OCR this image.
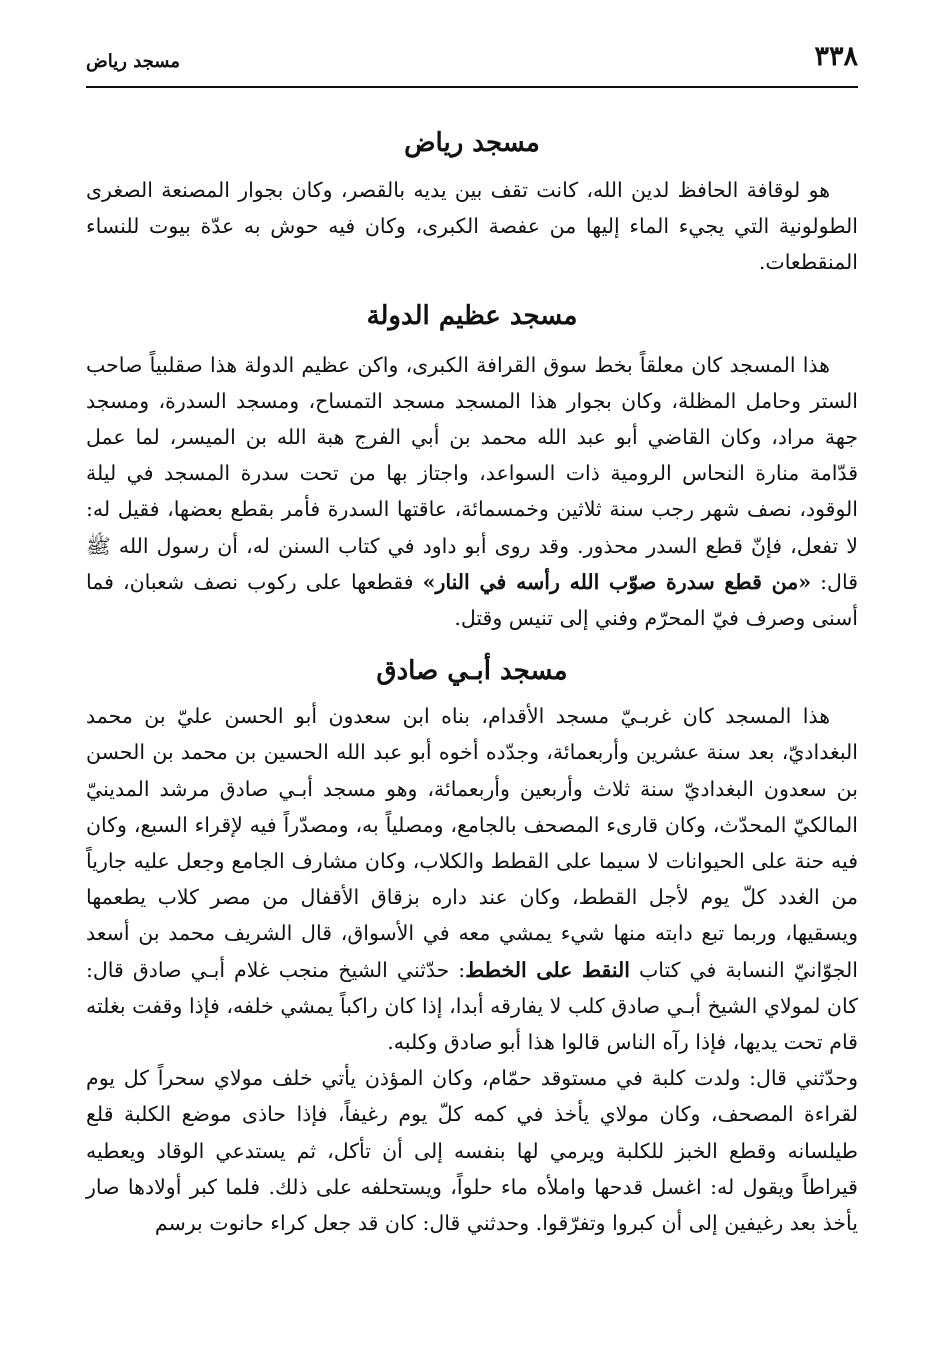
٣٣٨
مسجد رياض
مسجد رياض

هو لوقافة الحافظ لدين الله، كانت تقف بين يديه بالقصر، وكان بجوار المصنعة الصغرى الطولونية التي يجيء الماء إليها من عفصة الكبرى، وكان فيه حوش به عدّة بيوت للنساء المنقطعات.

مسجد عظيم الدولة

هذا المسجد كان معلقاً بخط سوق القرافة الكبرى، واكن عظيم الدولة هذا صقلبياً صاحب الستر وحامل المظلة، وكان بجوار هذا المسجد مسجد التمساح، ومسجد السدرة، ومسجد جهة مراد، وكان القاضي أبو عبد الله محمد بن أبي الفرج هبة الله بن الميسر، لما عمل قدّامة منارة النحاس الرومية ذات السواعد، واجتاز بها من تحت سدرة المسجد في ليلة الوقود، نصف شهر رجب سنة ثلاثين وخمسمائة، عاقتها السدرة فأمر بقطع بعضها، فقيل له: لا تفعل، فإنّ قطع السدر محذور. وقد روى أبو داود في كتاب السنن له، أن رسول الله ﷺ قال: «من قطع سدرة صوّب الله رأسه في النار» فقطعها على ركوب نصف شعبان، فما أسنى وصرف فيّ المحرّم وفني إلى تنيس وقتل.

مسجد أبـي صادق

هذا المسجد كان غربـيّ مسجد الأقدام، بناه ابن سعدون أبو الحسن عليّ بن محمد البغداديّ، بعد سنة عشرين وأربعمائة، وجدّده أخوه أبو عبد الله الحسين بن محمد بن الحسن بن سعدون البغداديّ سنة ثلاث وأربعين وأربعمائة، وهو مسجد أبـي صادق مرشد المدينيّ المالكيّ المحدّث، وكان قارىء المصحف بالجامع، ومصلياً به، ومصدّراً فيه لإقراء السبع، وكان فيه حنة على الحيوانات لا سيما على القطط والكلاب، وكان مشارف الجامع وجعل عليه جارياً من الغدد كلّ يوم لأجل القطط، وكان عند داره بزقاق الأقفال من مصر كلاب يطعمها ويسقيها، وربما تبع دابته منها شيء يمشي معه في الأسواق، قال الشريف محمد بن أسعد الجوّانيّ النسابة في كتاب النقط على الخطط: حدّثني الشيخ منجب غلام أبـي صادق قال: كان لمولاي الشيخ أبـي صادق كلب لا يفارقه أبدا، إذا كان راكباً يمشي خلفه، فإذا وقفت بغلته قام تحت يديها، فإذا رآه الناس قالوا هذا أبو صادق وكلبه.

وحدّثني قال: ولدت كلبة في مستوقد حمّام، وكان المؤذن يأتي خلف مولاي سحراً كل يوم لقراءة المصحف، وكان مولاي يأخذ في كمه كلّ يوم رغيفاً، فإذا حاذى موضع الكلبة قلع طيلسانه وقطع الخبز للكلبة ويرمي لها بنفسه إلى أن تأكل، ثم يستدعي الوقاد ويعطيه قيراطاً ويقول له: اغسل قدحها واملأه ماء حلواً، ويستحلفه على ذلك. فلما كبر أولادها صار يأخذ بعد رغيفين إلى أن كبروا وتفرّقوا. وحدثني قال: كان قد جعل كراء حانوت برسم
